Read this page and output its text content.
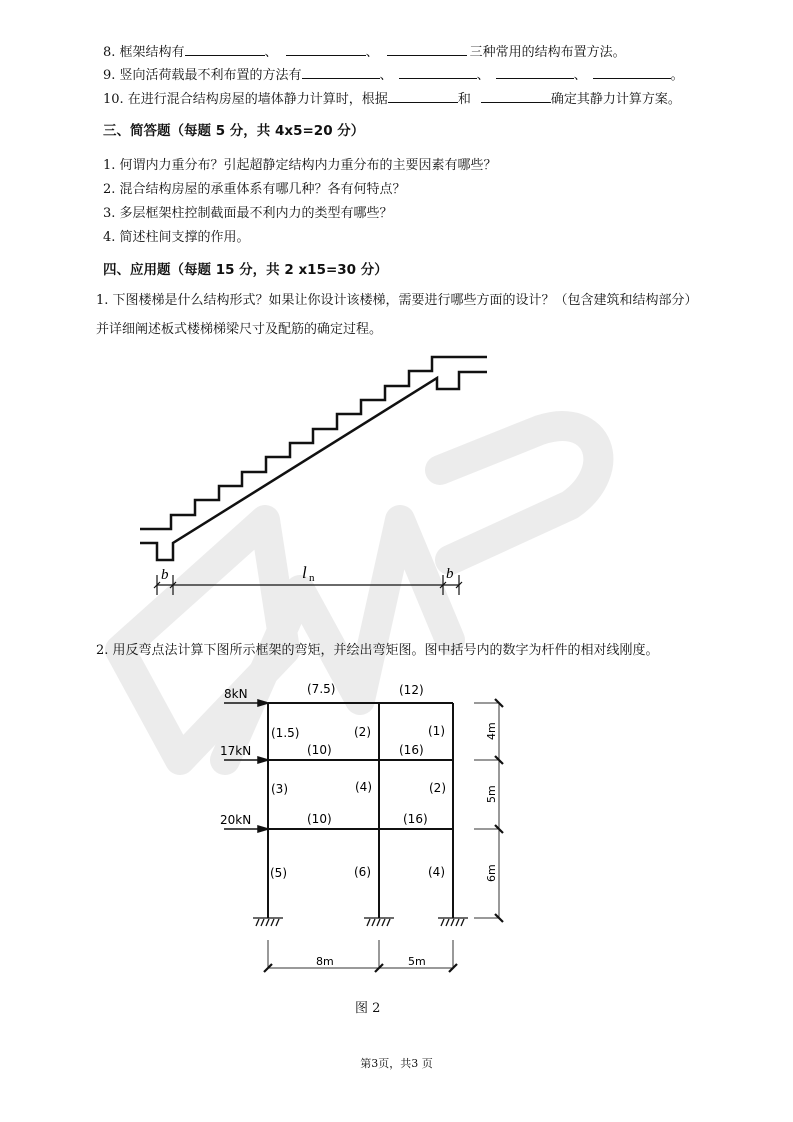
8. 框架结构有	、	、	三种常用的结构布置方法。
9. 竖向活荷载最不利布置的方法有	、	、	、	。
10. 在进行混合结构房屋的墙体静力计算时，根据	和	确定其静力计算方案。
三、简答题（每题 5 分，共 4x5=20 分）
1. 何谓内力重分布？引起超静定结构内力重分布的主要因素有哪些？
2. 混合结构房屋的承重体系有哪几种？各有何特点？
3. 多层框架柱控制截面最不利内力的类型有哪些？
4. 简述柱间支撑的作用。
四、应用题（每题 15 分，共 2 x15=30 分）
1. 下图楼梯是什么结构形式？如果让你设计该楼梯，需要进行哪些方面的设计？（包含建筑和结构部分）
并详细阐述板式楼梯梯梁尺寸及配筋的确定过程。
b	l n	b
2. 用反弯点法计算下图所示框架的弯矩，并绘出弯矩图。图中括号内的数字为杆件的相对线刚度。
8kN
17kN
20kN
(7.5)	(12)
(10)	(16)
(10)	(16)
(1.5)	(2)	(1)
(3)	(4)	(2)
(5)	(6)	(4)
4m
5m
6m
8m	5m
图 2
第3页，共3 页
